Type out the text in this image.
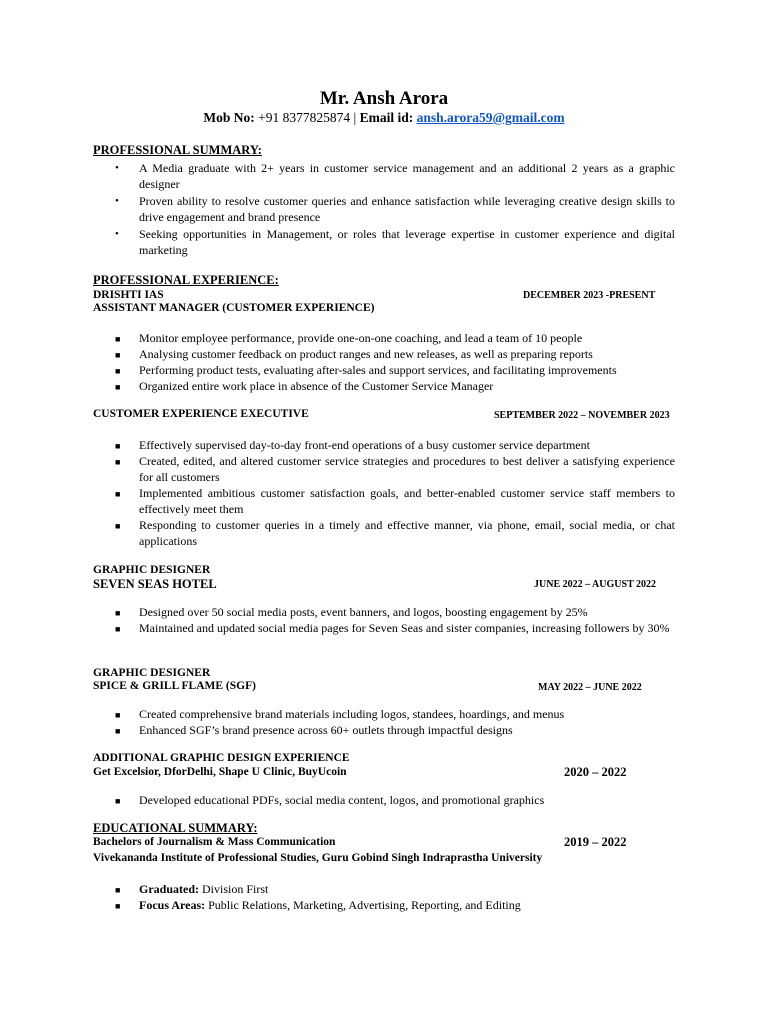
Mr. Ansh Arora
Mob No: +91 8377825874 | Email id: ansh.arora59@gmail.com
PROFESSIONAL SUMMARY:
• A Media graduate with 2+ years in customer service management and an additional 2 years as a graphic designer
• Proven ability to resolve customer queries and enhance satisfaction while leveraging creative design skills to drive engagement and brand presence
• Seeking opportunities in Management, or roles that leverage expertise in customer experience and digital marketing
PROFESSIONAL EXPERIENCE:
DRISHTI IAS	DECEMBER 2023 -PRESENT
ASSISTANT MANAGER (CUSTOMER EXPERIENCE)
■ Monitor employee performance, provide one-on-one coaching, and lead a team of 10 people
■ Analysing customer feedback on product ranges and new releases, as well as preparing reports
■ Performing product tests, evaluating after-sales and support services, and facilitating improvements
■ Organized entire work place in absence of the Customer Service Manager
CUSTOMER EXPERIENCE EXECUTIVE	SEPTEMBER 2022 – NOVEMBER 2023
■ Effectively supervised day-to-day front-end operations of a busy customer service department
■ Created, edited, and altered customer service strategies and procedures to best deliver a satisfying experience for all customers
■ Implemented ambitious customer satisfaction goals, and better-enabled customer service staff members to effectively meet them
■ Responding to customer queries in a timely and effective manner, via phone, email, social media, or chat applications
GRAPHIC DESIGNER
SEVEN SEAS HOTEL	JUNE 2022 – AUGUST 2022
■ Designed over 50 social media posts, event banners, and logos, boosting engagement by 25%
■ Maintained and updated social media pages for Seven Seas and sister companies, increasing followers by 30%
GRAPHIC DESIGNER
SPICE & GRILL FLAME (SGF)	MAY 2022 – JUNE 2022
■ Created comprehensive brand materials including logos, standees, hoardings, and menus
■ Enhanced SGF’s brand presence across 60+ outlets through impactful designs
ADDITIONAL GRAPHIC DESIGN EXPERIENCE
Get Excelsior, DforDelhi, Shape U Clinic, BuyUcoin	2020 – 2022
■ Developed educational PDFs, social media content, logos, and promotional graphics
EDUCATIONAL SUMMARY:
Bachelors of Journalism & Mass Communication	2019 – 2022
Vivekananda Institute of Professional Studies, Guru Gobind Singh Indraprastha University
■ Graduated: Division First
■ Focus Areas: Public Relations, Marketing, Advertising, Reporting, and Editing
